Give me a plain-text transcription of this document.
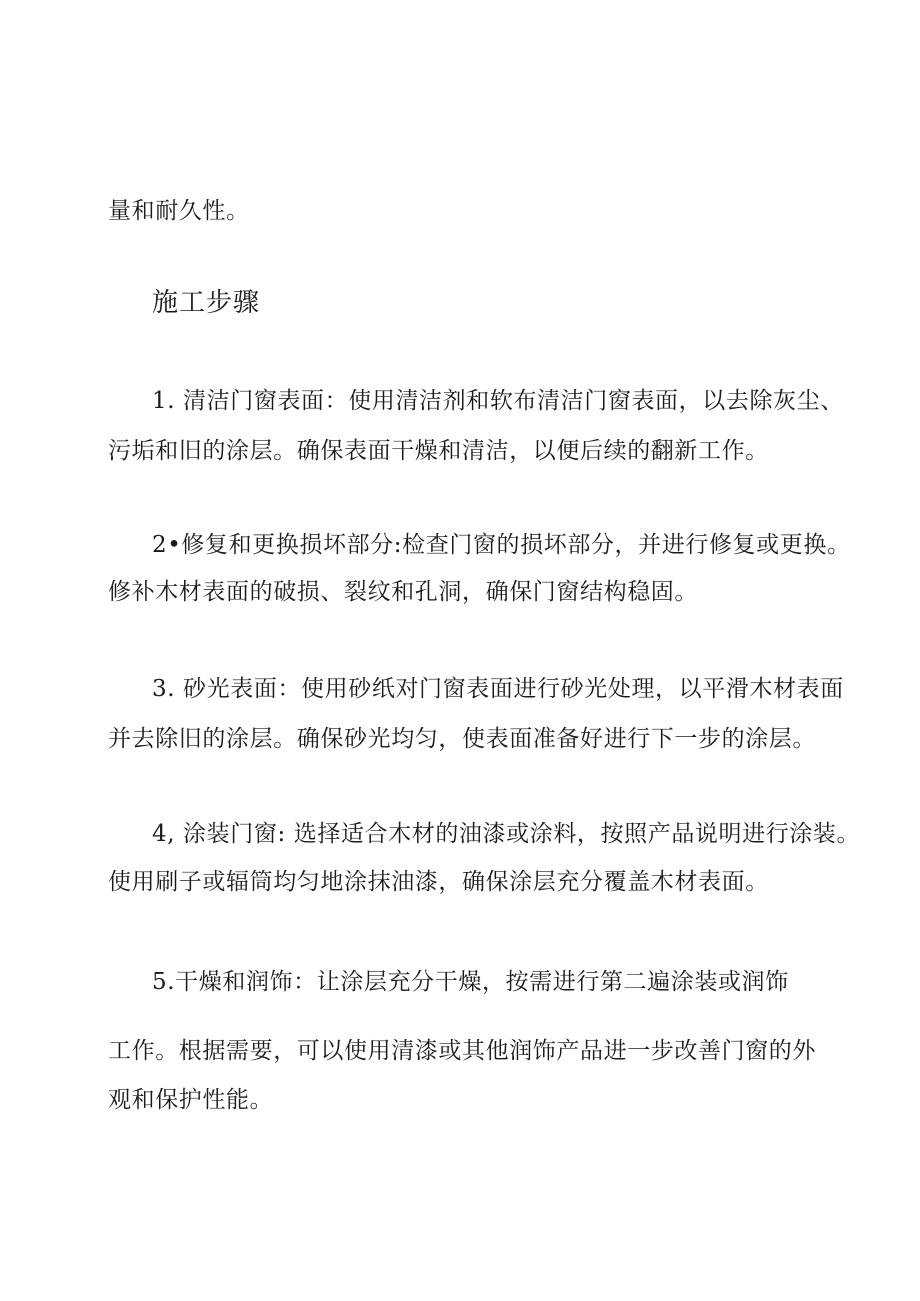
量和耐久性。
施工步骤
1. 清洁门窗表面：使用清洁剂和软布清洁门窗表面，以去除灰尘、
污垢和旧的涂层。确保表面干燥和清洁，以便后续的翻新工作。
2•修复和更换损坏部分:检查门窗的损坏部分，并进行修复或更换。
修补木材表面的破损、裂纹和孔洞，确保门窗结构稳固。
3. 砂光表面：使用砂纸对门窗表面进行砂光处理，以平滑木材表面
并去除旧的涂层。确保砂光均匀，使表面准备好进行下一步的涂层。
4, 涂装门窗: 选择适合木材的油漆或涂料，按照产品说明进行涂装。
使用刷子或辐筒均匀地涂抹油漆，确保涂层充分覆盖木材表面。
5.干燥和润饰：让涂层充分干燥，按需进行第二遍涂装或润饰
工作。根据需要，可以使用清漆或其他润饰产品进一步改善门窗的外
观和保护性能。
